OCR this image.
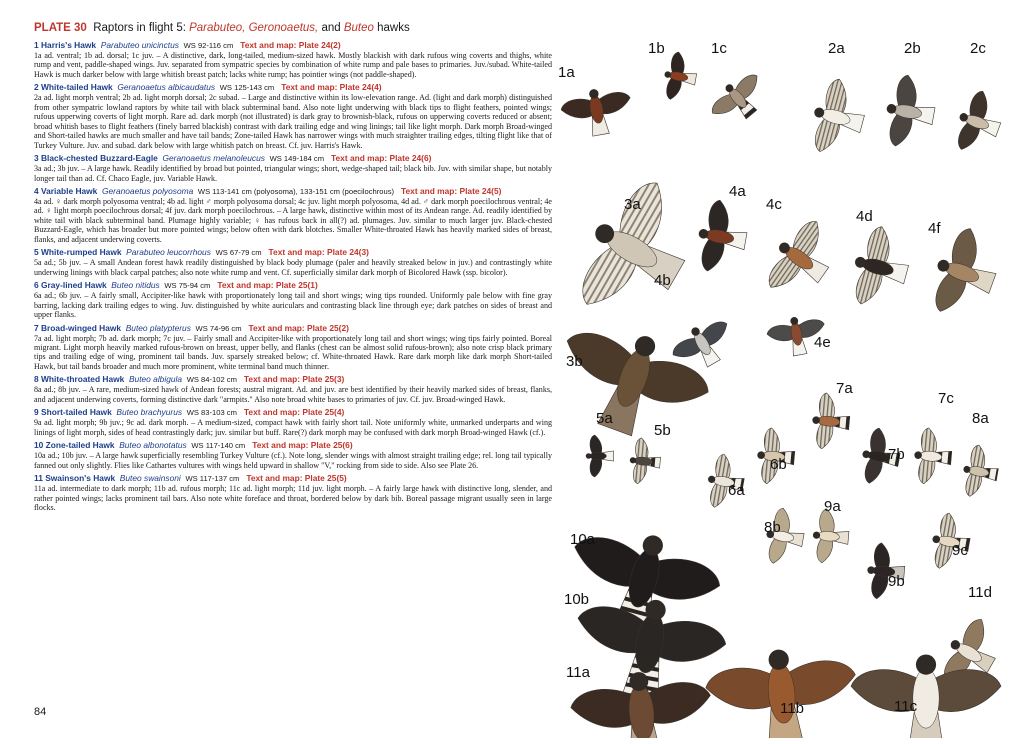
PLATE 30 Raptors in flight 5: Parabuteo, Geronoaetus, and Buteo hawks
1 Harris's Hawk Parabuteo unicinctus WS 92-116 cm Text and map: Plate 24(2)
1a ad. ventral; 1b ad. dorsal; 1c juv. – A distinctive, dark, long-tailed, medium-sized hawk. Mostly blackish with dark rufous wing coverts and thighs, white rump and vent, paddle-shaped wings. Juv. separated from sympatric species by combination of white rump and pale bases to primaries. Juv./subad. White-tailed Hawk is much darker below with large whitish breast patch; lacks white rump; has pointier wings (not paddle-shaped).
2 White-tailed Hawk Geranoaetus albicaudatus WS 125-143 cm Text and map: Plate 24(4)
2a ad. light morph ventral; 2b ad. light morph dorsal; 2c subad. – Large and distinctive within its low-elevation range. Ad. (light and dark morph) distinguished from other sympatric lowland raptors by white tail with black subterminal band. Also note light underwing with black tips to flight feathers, pointed wings; rufous upperwing coverts of light morph. Rare ad. dark morph (not illustrated) is dark gray to brownish-black, rufous on upperwing coverts reduced or absent; broad whitish bases to flight feathers (finely barred blackish) contrast with dark trailing edge and wing linings; tail like light morph. Dark morph Broad-winged and Short-tailed hawks are much smaller and have tail bands; Zone-tailed Hawk has narrower wings with much straighter trailing edges, tilting flight like that of Turkey Vulture. Juv. and subad. dark below with large whitish patch on breast. Cf. juv. Harris's Hawk.
3 Black-chested Buzzard-Eagle Geranoaetus melanoleucus WS 149-184 cm Text and map: Plate 24(6)
3a ad.; 3b juv. – A large hawk. Readily identified by broad but pointed, triangular wings; short, wedge-shaped tail; black bib. Juv. with similar shape, but notably longer tail than ad. Cf. Chaco Eagle, juv. Variable Hawk.
4 Variable Hawk Geranoaetus polyosoma WS 113-141 cm (polyosoma), 133-151 cm (poecilochrous) Text and map: Plate 24(5)
4a ad. ♀ dark morph polyosoma ventral; 4b ad. light ♂ morph polyosoma dorsal; 4c juv. light morph polyosoma, 4d ad. ♂ dark morph poecilochrous ventral; 4e ad. ♀ light morph poecilochrous dorsal; 4f juv. dark morph poecilochrous. – A large hawk, distinctive within most of its Andean range. Ad. readily identified by white tail with black subterminal band. Plumage highly variable; ♀ has rufous back in all(?) ad. plumages. Juv. similar to much larger juv. Black-chested Buzzard-Eagle, which has broader but more pointed wings; below often with dark blotches. Smaller White-throated Hawk has heavily marked sides of breast, flanks, and adjacent underwing coverts.
5 White-rumped Hawk Parabuteo leucorrhous WS 67-79 cm Text and map: Plate 24(3)
5a ad.; 5b juv. – A small Andean forest hawk readily distinguished by black body plumage (paler and heavily streaked below in juv.) and contrastingly white underwing linings with black carpal patches; also note white rump and vent. Cf. superficially similar dark morph of Bicolored Hawk (ssp. bicolor).
6 Gray-lined Hawk Buteo nitidus WS 75-94 cm Text and map: Plate 25(1)
6a ad.; 6b juv. – A fairly small, Accipiter-like hawk with proportionately long tail and short wings; wing tips rounded. Uniformly pale below with fine gray barring, lacking dark trailing edges to wing. Juv. distinguished by white auriculars and contrasting black line through eye; dark patches on sides of breast and upper flanks.
7 Broad-winged Hawk Buteo platypterus WS 74-96 cm Text and map: Plate 25(2)
7a ad. light morph; 7b ad. dark morph; 7c juv. – Fairly small and Accipiter-like with proportionately long tail and short wings; wing tips fairly pointed. Boreal migrant. Light morph heavily marked rufous-brown on breast, upper belly, and flanks (chest can be almost solid rufous-brown); also note crisp black primary tips and trailing edge of wing, prominent tail bands. Juv. sparsely streaked below; cf. White-throated Hawk. Rare dark morph like dark morph Short-tailed Hawk, but tail bands broader and much more prominent, white terminal band much thinner.
8 White-throated Hawk Buteo albigula WS 84-102 cm Text and map: Plate 25(3)
8a ad.; 8b juv. – A rare, medium-sized hawk of Andean forests; austral migrant. Ad. and juv. are best identified by their heavily marked sides of breast, flanks, and adjacent underwing coverts, forming distinctive dark "armpits." Also note broad white bases to primaries of juv. Cf. juv. Broad-winged Hawk.
9 Short-tailed Hawk Buteo brachyurus WS 83-103 cm Text and map: Plate 25(4)
9a ad. light morph; 9b juv.; 9c ad. dark morph. – A medium-sized, compact hawk with fairly short tail. Note uniformly white, unmarked underparts and wing linings of light morph, sides of head contrastingly dark; juv. similar but buff. Rare(?) dark morph may be confused with dark morph Broad-winged Hawk (cf.).
10 Zone-tailed Hawk Buteo albonotatus WS 117-140 cm Text and map: Plate 25(6)
10a ad.; 10b juv. – A large hawk superficially resembling Turkey Vulture (cf.). Note long, slender wings with almost straight trailing edge; rel. long tail typically fanned out only slightly. Flies like Cathartes vultures with wings held upward in shallow "V," rocking from side to side. Also see Plate 26.
11 Swainson's Hawk Buteo swainsoni WS 117-137 cm Text and map: Plate 25(5)
11a ad. intermediate to dark morph; 11b ad. rufous morph; 11c ad. light morph; 11d juv. light morph. – A fairly large hawk with distinctive long, slender, and rather pointed wings; lacks prominent tail bars. Also note white foreface and throat, bordered below by dark bib. Boreal passage migrant usually seen in large flocks.
84
1a
1b	1c	2a	2b	2c
3a
3b
4a
4b
4c
4d
4e
4f
5a
5b
6a
6b
7a
7b
7c
8a
8b
9a
9b
9c
10a
10b
11a
11b	11c
11d
